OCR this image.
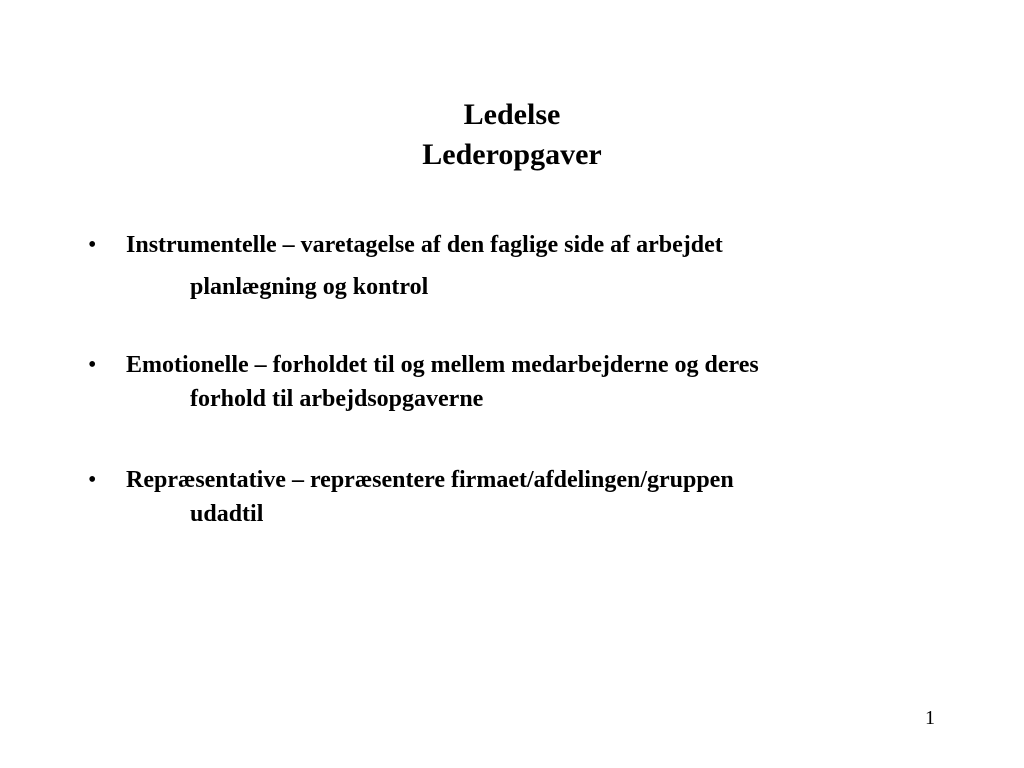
Ledelse
Lederopgaver
• Instrumentelle – varetagelse af den faglige side af arbejdet
planlægning og kontrol
• Emotionelle – forholdet til og mellem medarbejderne og deres
forhold til arbejdsopgaverne
• Repræsentative – repræsentere firmaet/afdelingen/gruppen
udadtil
1
